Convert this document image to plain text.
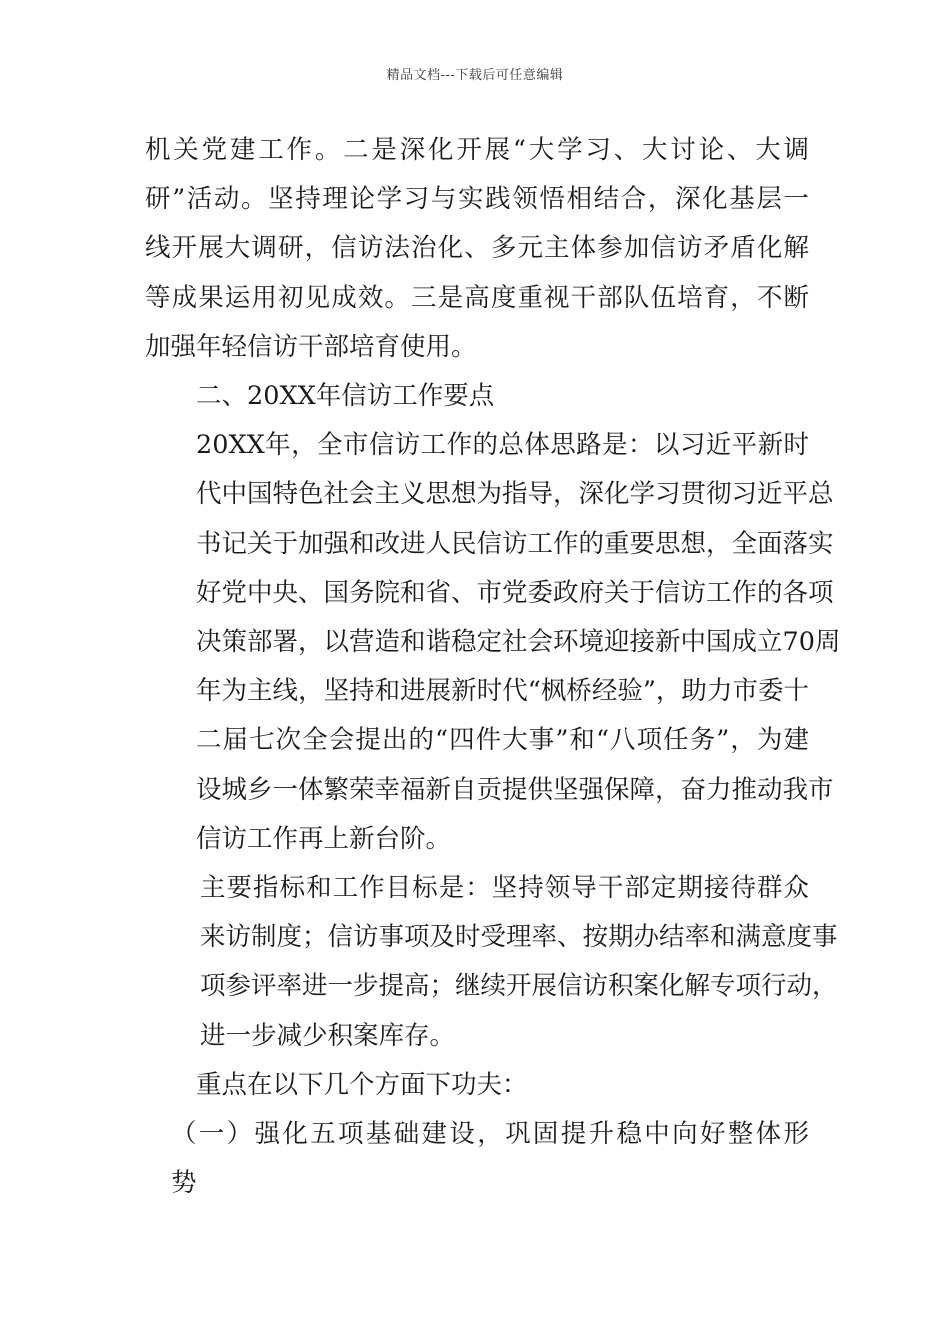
精品文档---下载后可任意编辑

机关党建工作。二是深化开展“大学习、大讨论、大调
研”活动。坚持理论学习与实践领悟相结合，深化基层一
线开展大调研，信访法治化、多元主体参加信访矛盾化解
等成果运用初见成效。三是高度重视干部队伍培育，不断
加强年轻信访干部培育使用。

二、20XX年信访工作要点

20XX年，全市信访工作的总体思路是：以习近平新时
代中国特色社会主义思想为指导，深化学习贯彻习近平总
书记关于加强和改进人民信访工作的重要思想，全面落实
好党中央、国务院和省、市党委政府关于信访工作的各项
决策部署，以营造和谐稳定社会环境迎接新中国成立70周
年为主线，坚持和进展新时代“枫桥经验”，助力市委十
二届七次全会提出的“四件大事”和“八项任务”，为建
设城乡一体繁荣幸福新自贡提供坚强保障，奋力推动我市
信访工作再上新台阶。

主要指标和工作目标是：坚持领导干部定期接待群众
来访制度；信访事项及时受理率、按期办结率和满意度事
项参评率进一步提高；继续开展信访积案化解专项行动，
进一步减少积案库存。

重点在以下几个方面下功夫：

（一）强化五项基础建设，巩固提升稳中向好整体形
势
